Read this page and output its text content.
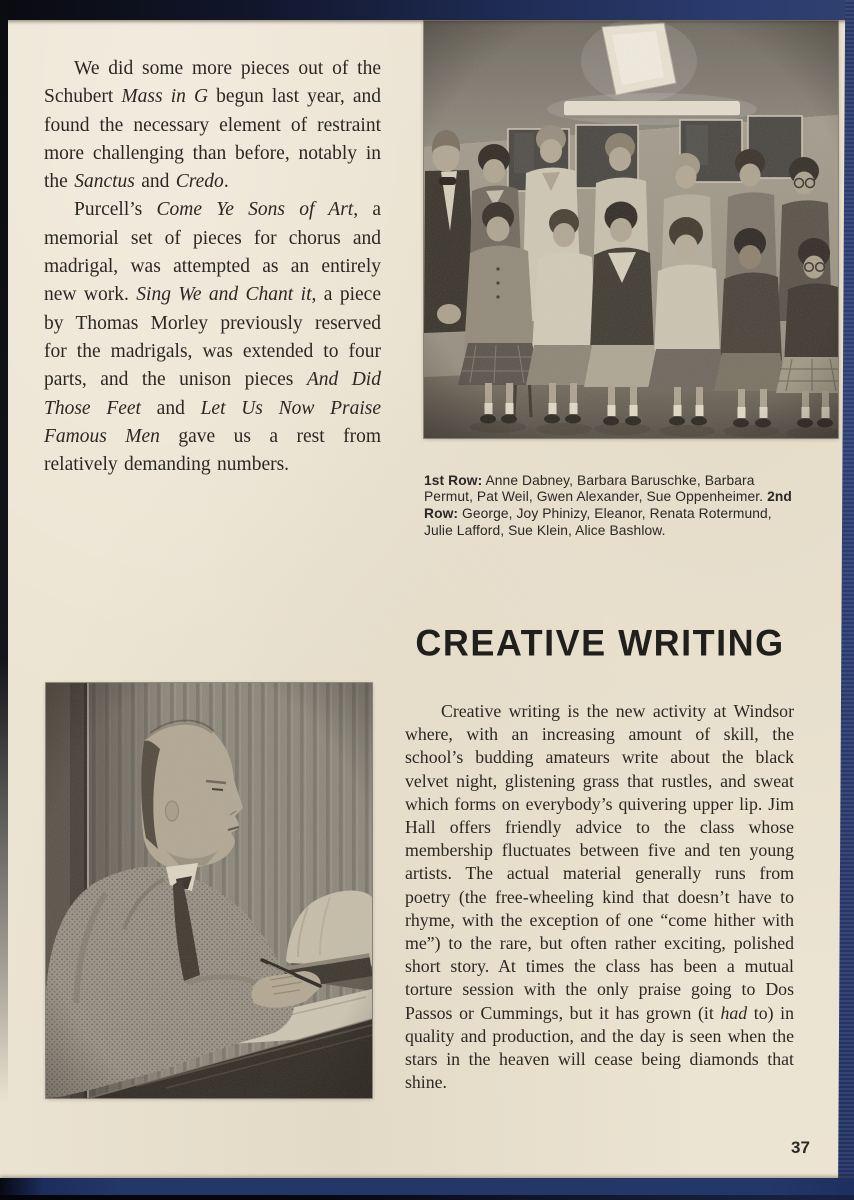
We did some more pieces out of the Schubert Mass in G begun last year, and found the necessary element of restraint more challenging than before, notably in the Sanctus and Credo.

Purcell’s Come Ye Sons of Art, a memorial set of pieces for chorus and madrigal, was attempted as an entirely new work. Sing We and Chant it, a piece by Thomas Morley previously reserved for the madrigals, was extended to four parts, and the unison pieces And Did Those Feet and Let Us Now Praise Famous Men gave us a rest from relatively demanding numbers.

1st Row: Anne Dabney, Barbara Baruschke, Barbara Permut, Pat Weil, Gwen Alexander, Sue Oppenheimer. 2nd Row: George, Joy Phinizy, Eleanor, Renata Rotermund, Julie Lafford, Sue Klein, Alice Bashlow.

CREATIVE WRITING

Creative writing is the new activity at Windsor where, with an increasing amount of skill, the school’s budding amateurs write about the black velvet night, glistening grass that rustles, and sweat which forms on everybody’s quivering upper lip. Jim Hall offers friendly advice to the class whose membership fluctuates between five and ten young artists. The actual material generally runs from poetry (the free-wheeling kind that doesn’t have to rhyme, with the exception of one “come hither with me”) to the rare, but often rather exciting, polished short story. At times the class has been a mutual torture session with the only praise going to Dos Passos or Cummings, but it has grown (it had to) in quality and production, and the day is seen when the stars in the heaven will cease being diamonds that shine.

37
